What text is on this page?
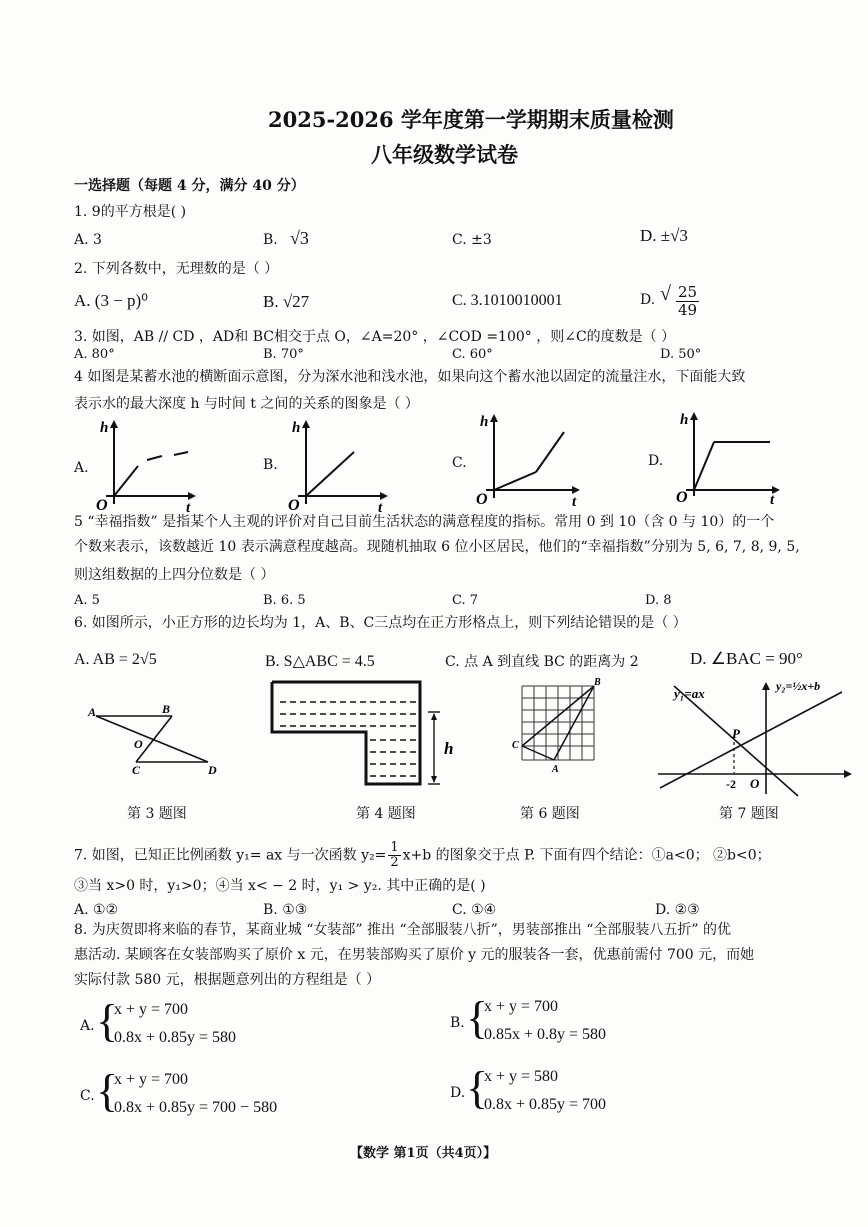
2025-2026 学年度第一学期期末质量检测
八年级数学试卷
一选择题（每题 4 分，满分 40 分）
1. 9的平方根是( )
A. 3	B. √3	C. ±3	D. ±√3
2. 下列各数中，无理数的是（ ）
A. (3 − p)⁰	B. √27	C. 3.1010010001	D. √ $\frac{25}{49}$
3. 如图，AB // CD ，AD和 BC相交于点 O，∠A=20° ，∠COD =100° ，则∠C的度数是（ ）
A. 80°	B. 70°	C. 60°	D. 50°
4 如图是某蓄水池的横断面示意图，分为深水池和浅水池，如果向这个蓄水池以固定的流量注水，下面能大致
表示水的最大深度 h 与时间 t 之间的关系的图象是（ ）
A.	B.	C.	D.
h
O	t
h
O	t
h
O	t
h
O	t
5 “幸福指数” 是指某个人主观的评价对自己目前生活状态的满意程度的指标。常用 0 到 10（含 0 与 10）的一个
个数来表示，该数越近 10 表示满意程度越高。现随机抽取 6 位小区居民，他们的“幸福指数”分别为 5, 6, 7, 8, 9, 5,
则这组数据的上四分位数是（ ）
A. 5	B. 6. 5	C. 7	D. 8
6. 如图所示，小正方形的边长均为 1，A、B、C三点均在正方形格点上，则下列结论错误的是（ ）
A. AB = 2√5	B. S△ABC = 4.5	C. 点 A 到直线 BC 的距离为 2	D. ∠BAC = 90°
A	B
O
C	D
第 3 题图
h
第 4 题图
B
C
A
第 6 题图
y₁=ax	y₂=½x+b
P
-2 O
第 7 题图
7. 如图，已知正比例函数 y₁= ax 与一次函数 $y_2= \frac{1}{2} x+b$ 的图象交于点 P. 下面有四个结论：①a<0； ②b<0；
③当 x>0 时，y₁>0；④当 x< − 2 时，y₁ > y₂. 其中正确的是( )
A. ①②	B. ①③	C. ①④	D. ②③
8. 为庆贺即将来临的春节，某商业城 “女装部” 推出 “全部服装八折”，男装部推出 “全部服装八五折” 的优
惠活动. 某顾客在女装部购买了原价 x 元，在男装部购买了原价 y 元的服装各一套，优惠前需付 700 元，而她
实际付款 580 元，根据题意列出的方程组是（ ）
A. {
x + y = 700
0.8x + 0.85y = 580
B. {
x + y = 700
0.85x + 0.8y = 580
C. {
x + y = 700
0.8x + 0.85y = 700 − 580
D. {
x + y = 580
0.8x + 0.85y = 700
【数学 第1页（共4页）】
